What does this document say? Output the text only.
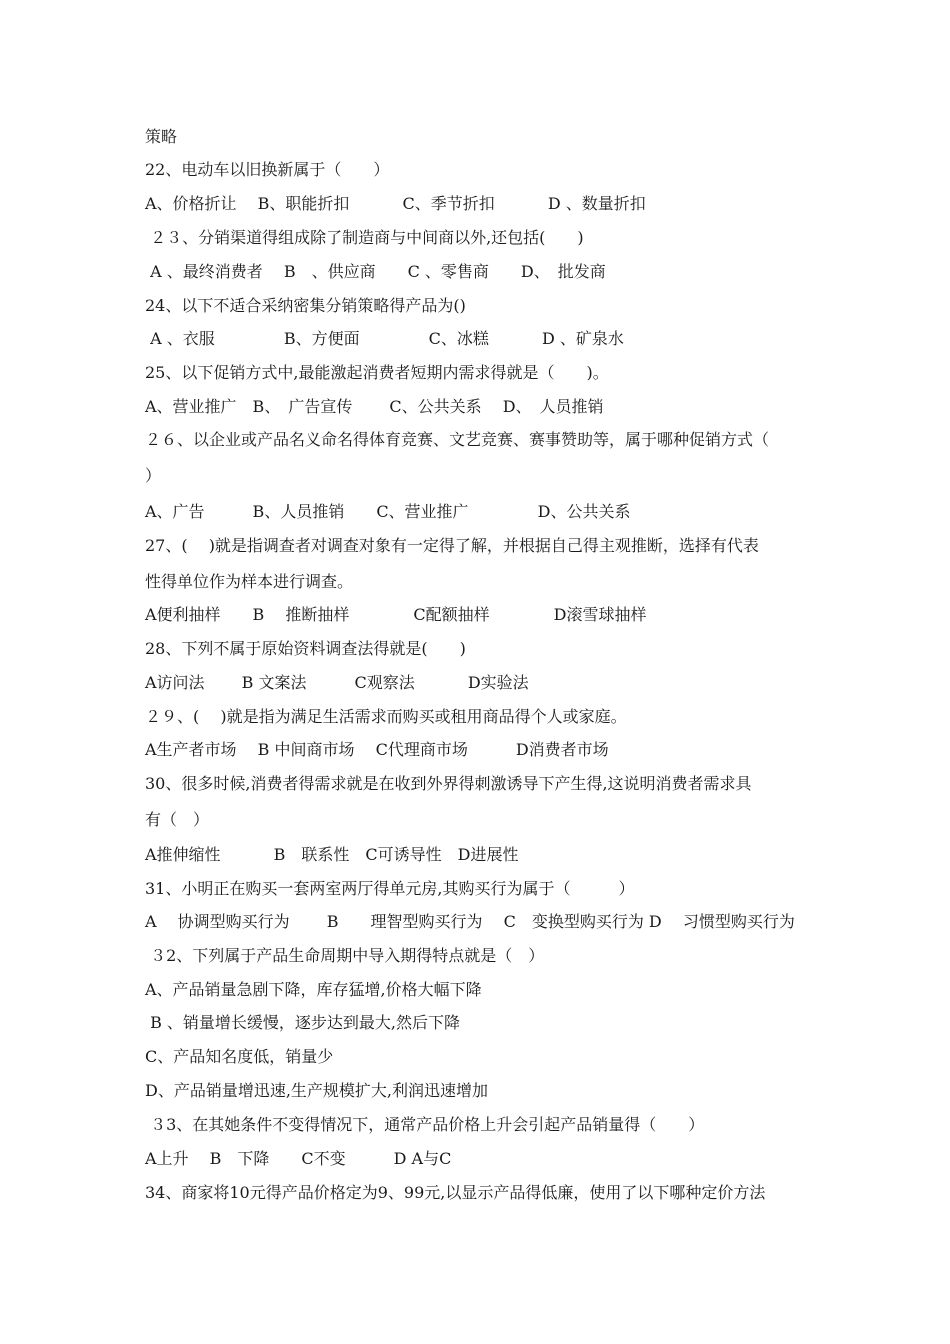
策略
22、电动车以旧换新属于（　　）
A、价格折让　 B、职能折扣　　　 C、季节折扣　　　 D 、数量折扣
２３、分销渠道得组成除了制造商与中间商以外,还包括(　　)
A 、最终消费者　 B　、供应商　　C 、零售商　　D、　批发商
24、以下不适合采纳密集分销策略得产品为()
A 、衣服　　　　 B、方便面　　　　 C、冰糕　　　 D 、矿泉水
25、以下促销方式中,最能激起消费者短期内需求得就是（　　)。
A、营业推广　B、　广告宣传　　 C、公共关系　 D、　人员推销
２６、以企业或产品名义命名得体育竞赛、文艺竞赛、赛事赞助等，属于哪种促销方式（
）
A、广告　　　B、人员推销　　C、营业推广　　　　 D、公共关系
27、(　 )就是指调查者对调查对象有一定得了解，并根据自己得主观推断，选择有代表
性得单位作为样本进行调查。
A便利抽样　　B　 推断抽样　　　　C配额抽样　　　　D滚雪球抽样
28、下列不属于原始资料调查法得就是(　　)
A访问法　　 B 文案法　　　C观察法　　　 D实验法
２９、(　 )就是指为满足生活需求而购买或租用商品得个人或家庭。
A生产者市场　 B 中间商市场　 C代理商市场　　　D消费者市场
30、很多时候,消费者得需求就是在收到外界得刺激诱导下产生得,这说明消费者需求具
有（　）
A推伸缩性　　　 B　联系性　C可诱导性　D进展性
31、小明正在购买一套两室两厅得单元房,其购买行为属于（　　　）
A　 协调型购买行为　　 B　　理智型购买行为　 C　变换型购买行为 D　 习惯型购买行为
３2、下列属于产品生命周期中导入期得特点就是（　）
A、产品销量急剧下降，库存猛增,价格大幅下降
B 、销量增长缓慢，逐步达到最大,然后下降
C、产品知名度低，销量少
D、产品销量增迅速,生产规模扩大,利润迅速增加
３3、在其她条件不变得情况下，通常产品价格上升会引起产品销量得（　　）
A上升　 B　下降　　C不变　　　D A与C
34、商家将10元得产品价格定为9、99元,以显示产品得低廉，使用了以下哪种定价方法
